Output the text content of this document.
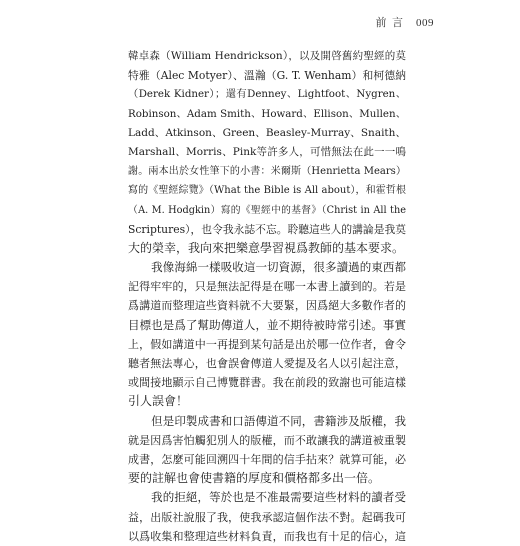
前 言 009
韓卓森（William Hendrickson），以及開啓舊約聖經的莫
特雅（Alec Motyer）、溫瀚（G. T. Wenham）和柯德納
（Derek Kidner）；還有Denney、Lightfoot、Nygren、
Robinson、Adam Smith、Howard、Ellison、Mullen、
Ladd、Atkinson、Green、Beasley-Murray、Snaith、
Marshall、Morris、Pink等許多人，可惜無法在此一一鳴
謝。兩本出於女性筆下的小書：米爾斯（Henrietta Mears）
寫的《聖經綜覽》（What the Bible is All about），和霍哲根
（A. M. Hodgkin）寫的《聖經中的基督》（Christ in All the
Scriptures），也令我永誌不忘。聆聽這些人的講論是我莫
大的榮幸，我向來把樂意學習視爲教師的基本要求。
　　我像海綿一樣吸收這一切資源，很多讀過的東西都
記得牢牢的，只是無法記得是在哪一本書上讀到的。若是
爲講道而整理這些資料就不大要緊，因爲絕大多數作者的
目標也是爲了幫助傳道人，並不期待被時常引述。事實
上，假如講道中一再提到某句話是出於哪一位作者，會令
聽者無法專心，也會誤會傳道人愛提及名人以引起注意，
或間接地顯示自己博覽群書。我在前段的致謝也可能這樣
引人誤會！
　　但是印製成書和口語傳道不同，書籍涉及版權，我
就是因爲害怕觸犯別人的版權，而不敢讓我的講道被重製
成書，怎麼可能回溯四十年間的信手拈來？就算可能，必
要的註解也會使書籍的厚度和價格都多出一倍。
　　我的拒絕，等於也是不准最需要這些材料的讀者受
益，出版社說服了我，使我承認這個作法不對。起碼我可
以爲收集和整理這些材料負責，而我也有十足的信心，這
